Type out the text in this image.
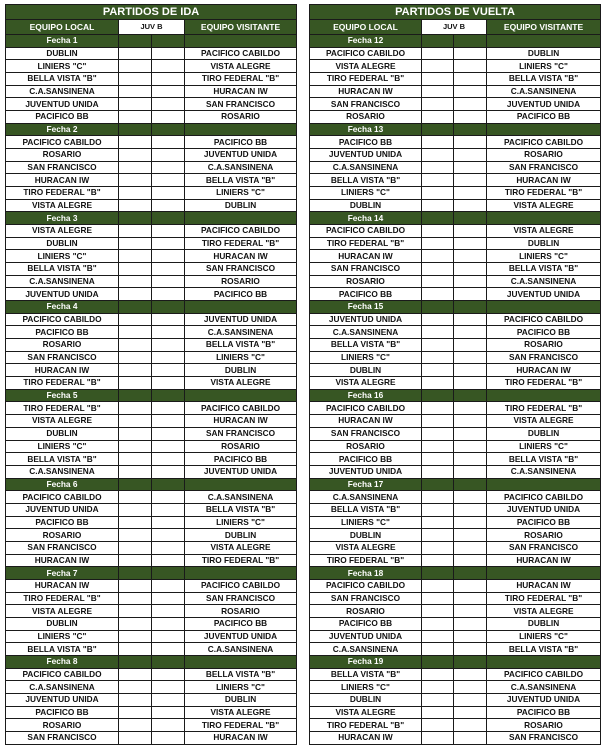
PARTIDOS DE IDA			
EQUIPO LOCAL	JUV B		EQUIPO VISITANTE
Fecha 1			
DUBLIN			PACIFICO CABILDO
LINIERS "C"			VISTA ALEGRE
BELLA VISTA "B"			TIRO FEDERAL "B"
C.A.SANSINENA			HURACAN IW
JUVENTUD UNIDA			SAN FRANCISCO
PACIFICO BB			ROSARIO
Fecha 2			
PACIFICO CABILDO			PACIFICO BB
ROSARIO			JUVENTUD UNIDA
SAN FRANCISCO			C.A.SANSINENA
HURACAN IW			BELLA VISTA "B"
TIRO FEDERAL "B"			LINIERS "C"
VISTA ALEGRE			DUBLIN
Fecha 3			
VISTA ALEGRE			PACIFICO CABILDO
DUBLIN			TIRO FEDERAL "B"
LINIERS "C"			HURACAN IW
BELLA VISTA "B"			SAN FRANCISCO
C.A.SANSINENA			ROSARIO
JUVENTUD UNIDA			PACIFICO BB
Fecha 4			
PACIFICO CABILDO			JUVENTUD UNIDA
PACIFICO BB			C.A.SANSINENA
ROSARIO			BELLA VISTA "B"
SAN FRANCISCO			LINIERS "C"
HURACAN IW			DUBLIN
TIRO FEDERAL "B"			VISTA ALEGRE
Fecha 5			
TIRO FEDERAL "B"			PACIFICO CABILDO
VISTA ALEGRE			HURACAN IW
DUBLIN			SAN FRANCISCO
LINIERS "C"			ROSARIO
BELLA VISTA "B"			PACIFICO BB
C.A.SANSINENA			JUVENTUD UNIDA
Fecha 6			
PACIFICO CABILDO			C.A.SANSINENA
JUVENTUD UNIDA			BELLA VISTA "B"
PACIFICO BB			LINIERS "C"
ROSARIO			DUBLIN
SAN FRANCISCO			VISTA ALEGRE
HURACAN IW			TIRO FEDERAL "B"
Fecha 7			
HURACAN IW			PACIFICO CABILDO
TIRO FEDERAL "B"			SAN FRANCISCO
VISTA ALEGRE			ROSARIO
DUBLIN			PACIFICO BB
LINIERS "C"			JUVENTUD UNIDA
BELLA VISTA "B"			C.A.SANSINENA
Fecha 8			
PACIFICO CABILDO			BELLA VISTA "B"
C.A.SANSINENA			LINIERS "C"
JUVENTUD UNIDA			DUBLIN
PACIFICO BB			VISTA ALEGRE
ROSARIO			TIRO FEDERAL "B"
SAN FRANCISCO			HURACAN IW
PARTIDOS DE VUELTA			
EQUIPO LOCAL	JUV B		EQUIPO VISITANTE
Fecha 12			
PACIFICO CABILDO			DUBLIN
VISTA ALEGRE			LINIERS "C"
TIRO FEDERAL "B"			BELLA VISTA "B"
HURACAN IW			C.A.SANSINENA
SAN FRANCISCO			JUVENTUD UNIDA
ROSARIO			PACIFICO BB
Fecha 13			
PACIFICO BB			PACIFICO CABILDO
JUVENTUD UNIDA			ROSARIO
C.A.SANSINENA			SAN FRANCISCO
BELLA VISTA "B"			HURACAN IW
LINIERS "C"			TIRO FEDERAL "B"
DUBLIN			VISTA ALEGRE
Fecha 14			
PACIFICO CABILDO			VISTA ALEGRE
TIRO FEDERAL "B"			DUBLIN
HURACAN IW			LINIERS "C"
SAN FRANCISCO			BELLA VISTA "B"
ROSARIO			C.A.SANSINENA
PACIFICO BB			JUVENTUD UNIDA
Fecha 15			
JUVENTUD UNIDA			PACIFICO CABILDO
C.A.SANSINENA			PACIFICO BB
BELLA VISTA "B"			ROSARIO
LINIERS "C"			SAN FRANCISCO
DUBLIN			HURACAN IW
VISTA ALEGRE			TIRO FEDERAL "B"
Fecha 16			
PACIFICO CABILDO			TIRO FEDERAL "B"
HURACAN IW			VISTA ALEGRE
SAN FRANCISCO			DUBLIN
ROSARIO			LINIERS "C"
PACIFICO BB			BELLA VISTA "B"
JUVENTUD UNIDA			C.A.SANSINENA
Fecha 17			
C.A.SANSINENA			PACIFICO CABILDO
BELLA VISTA "B"			JUVENTUD UNIDA
LINIERS "C"			PACIFICO BB
DUBLIN			ROSARIO
VISTA ALEGRE			SAN FRANCISCO
TIRO FEDERAL "B"			HURACAN IW
Fecha 18			
PACIFICO CABILDO			HURACAN IW
SAN FRANCISCO			TIRO FEDERAL "B"
ROSARIO			VISTA ALEGRE
PACIFICO BB			DUBLIN
JUVENTUD UNIDA			LINIERS "C"
C.A.SANSINENA			BELLA VISTA "B"
Fecha 19			
BELLA VISTA "B"			PACIFICO CABILDO
LINIERS "C"			C.A.SANSINENA
DUBLIN			JUVENTUD UNIDA
VISTA ALEGRE			PACIFICO BB
TIRO FEDERAL "B"			ROSARIO
HURACAN IW			SAN FRANCISCO
